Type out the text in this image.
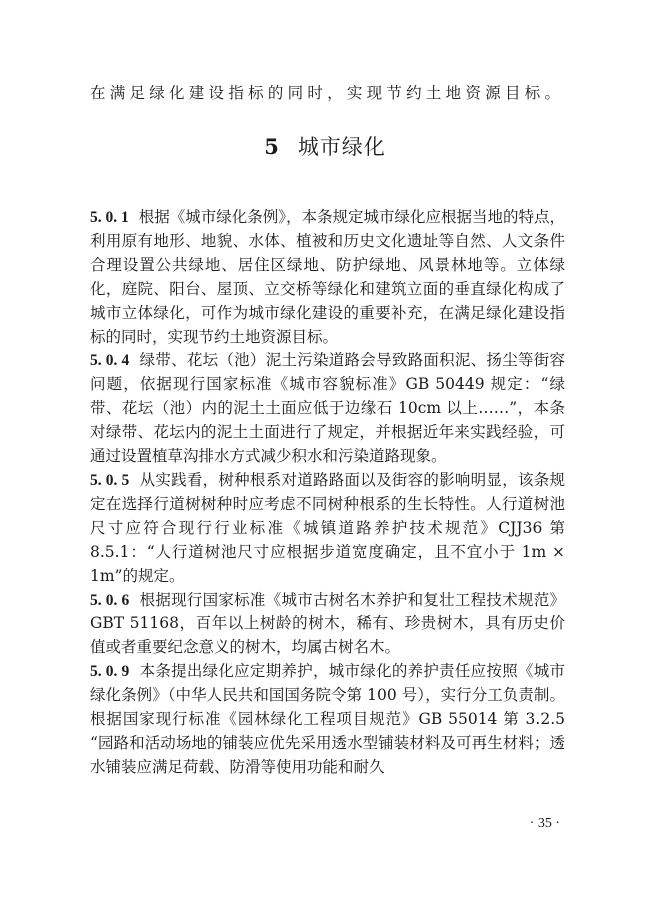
在满足绿化建设指标的同时，实现节约土地资源目标。
5 城市绿化

5. 0. 1 根据《城市绿化条例》，本条规定城市绿化应根据当地的特点，利用原有地形、地貌、水体、植被和历史文化遗址等自然、人文条件合理设置公共绿地、居住区绿地、防护绿地、风景林地等。立体绿化，庭院、阳台、屋顶、立交桥等绿化和建筑立面的垂直绿化构成了城市立体绿化，可作为城市绿化建设的重要补充，在满足绿化建设指标的同时，实现节约土地资源目标。

5. 0. 4 绿带、花坛（池）泥土污染道路会导致路面积泥、扬尘等街容问题，依据现行国家标准《城市容貌标准》GB 50449 规定：“绿带、花坛（池）内的泥土土面应低于边缘石 10cm 以上……”，本条对绿带、花坛内的泥土土面进行了规定，并根据近年来实践经验，可通过设置植草沟排水方式减少积水和污染道路现象。

5. 0. 5 从实践看，树种根系对道路路面以及街容的影响明显，该条规定在选择行道树树种时应考虑不同树种根系的生长特性。人行道树池尺寸应符合现行行业标准《城镇道路养护技术规范》CJJ36 第 8.5.1：“人行道树池尺寸应根据步道宽度确定，且不宜小于 1m × 1m”的规定。

5. 0. 6 根据现行国家标准《城市古树名木养护和复壮工程技术规范》GBT 51168，百年以上树龄的树木，稀有、珍贵树木，具有历史价值或者重要纪念意义的树木，均属古树名木。

5. 0. 9 本条提出绿化应定期养护，城市绿化的养护责任应按照《城市绿化条例》（中华人民共和国国务院令第 100 号），实行分工负责制。根据国家现行标准《园林绿化工程项目规范》GB 55014 第 3.2.5 “园路和活动场地的铺装应优先采用透水型铺装材料及可再生材料；透水铺装应满足荷载、防滑等使用功能和耐久

· 35 ·
